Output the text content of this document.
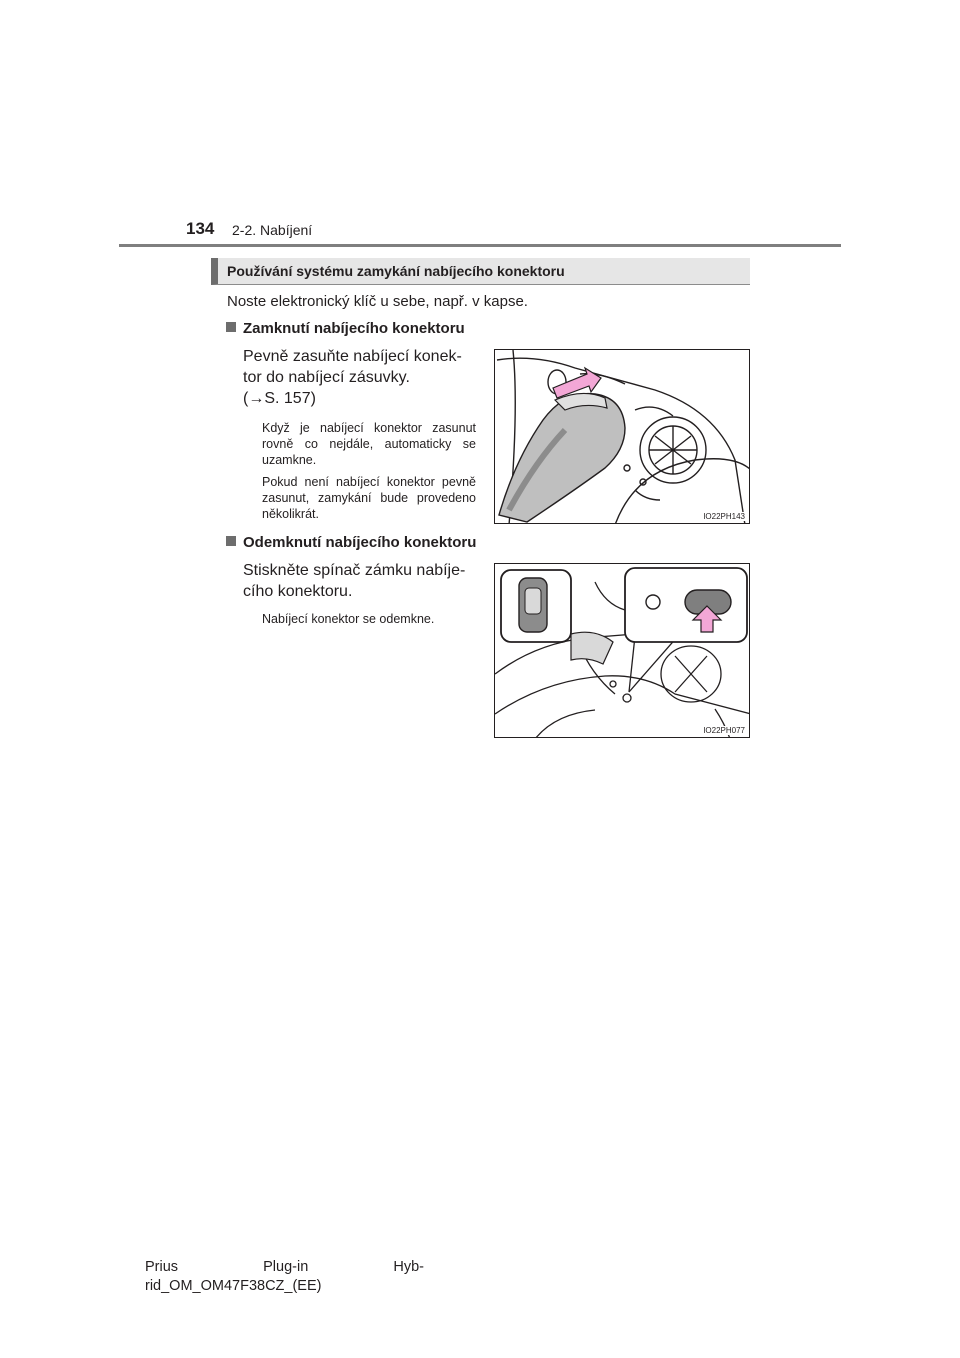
134 2-2. Nabíjení
Používání systému zamykání nabíjecího konektoru
Noste elektronický klíč u sebe, např. v kapse.
Zamknutí nabíjecího konektoru
Pevně zasuňte nabíjecí konek-
tor do nabíjecí zásuvky.
(→S. 157)
Když je nabíjecí konektor zasunut rovně co nejdále, automaticky se uzamkne.
Pokud není nabíjecí konektor pevně zasunut, zamykání bude provedeno několikrát.	IO22PH143
Odemknutí nabíjecího konektoru
Stiskněte spínač zámku nabíje-
cího konektoru.
Nabíjecí konektor se odemkne.
IO22PH077
Prius	Plug-in	Hyb-
rid_OM_OM47F38CZ_(EE)
